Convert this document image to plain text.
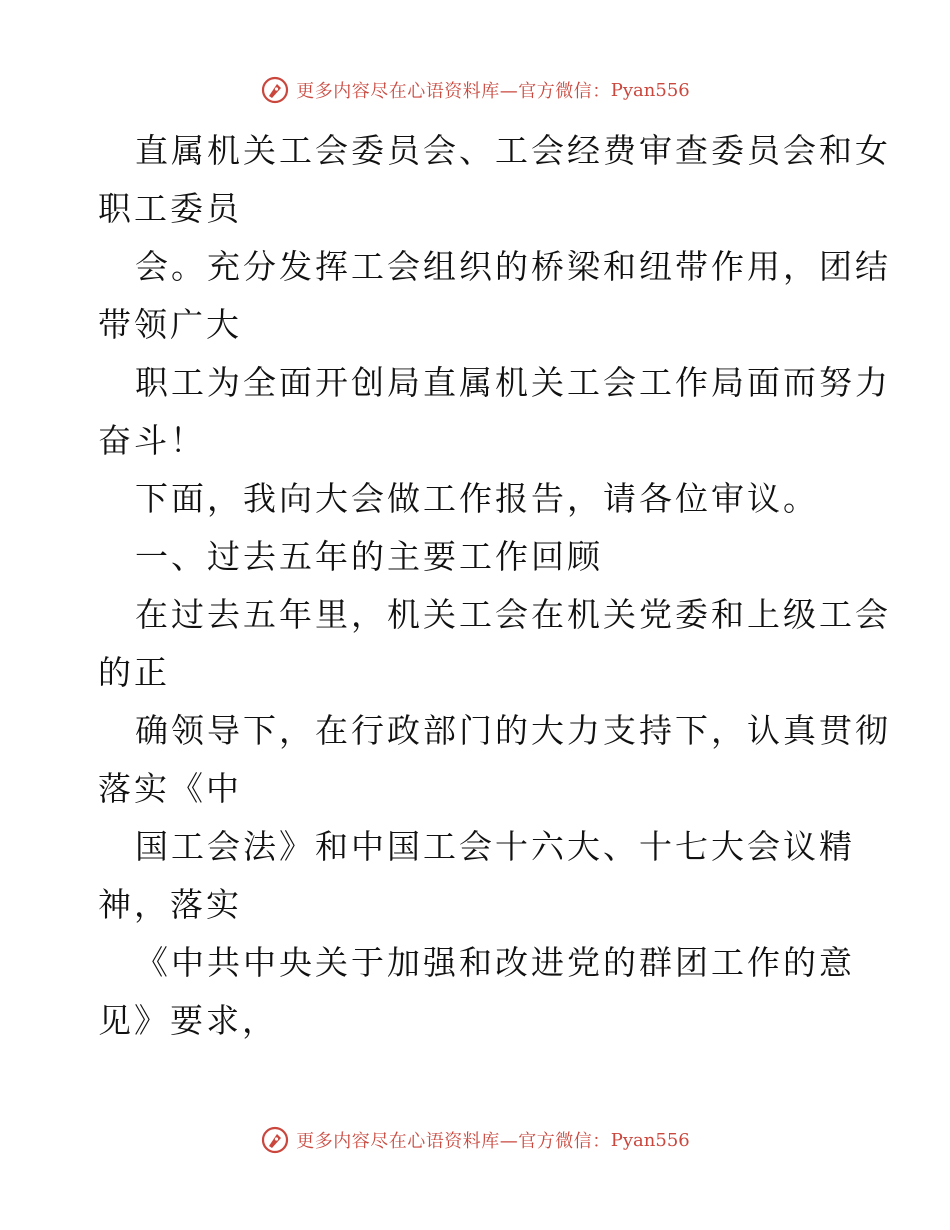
更多内容尽在心语资料库—官方微信： Pyan556
直属机关工会委员会、工会经费审查委员会和女
职工委员
会。充分发挥工会组织的桥梁和纽带作用，团结
带领广大
职工为全面开创局直属机关工会工作局面而努力
奋斗！
下面，我向大会做工作报告，请各位审议。
一、过去五年的主要工作回顾
在过去五年里，机关工会在机关党委和上级工会
的正
确领导下，在行政部门的大力支持下，认真贯彻
落实《中
国工会法》和中国工会十六大、十七大会议精
神，落实
《中共中央关于加强和改进党的群团工作的意
见》要求，
更多内容尽在心语资料库—官方微信： Pyan556
